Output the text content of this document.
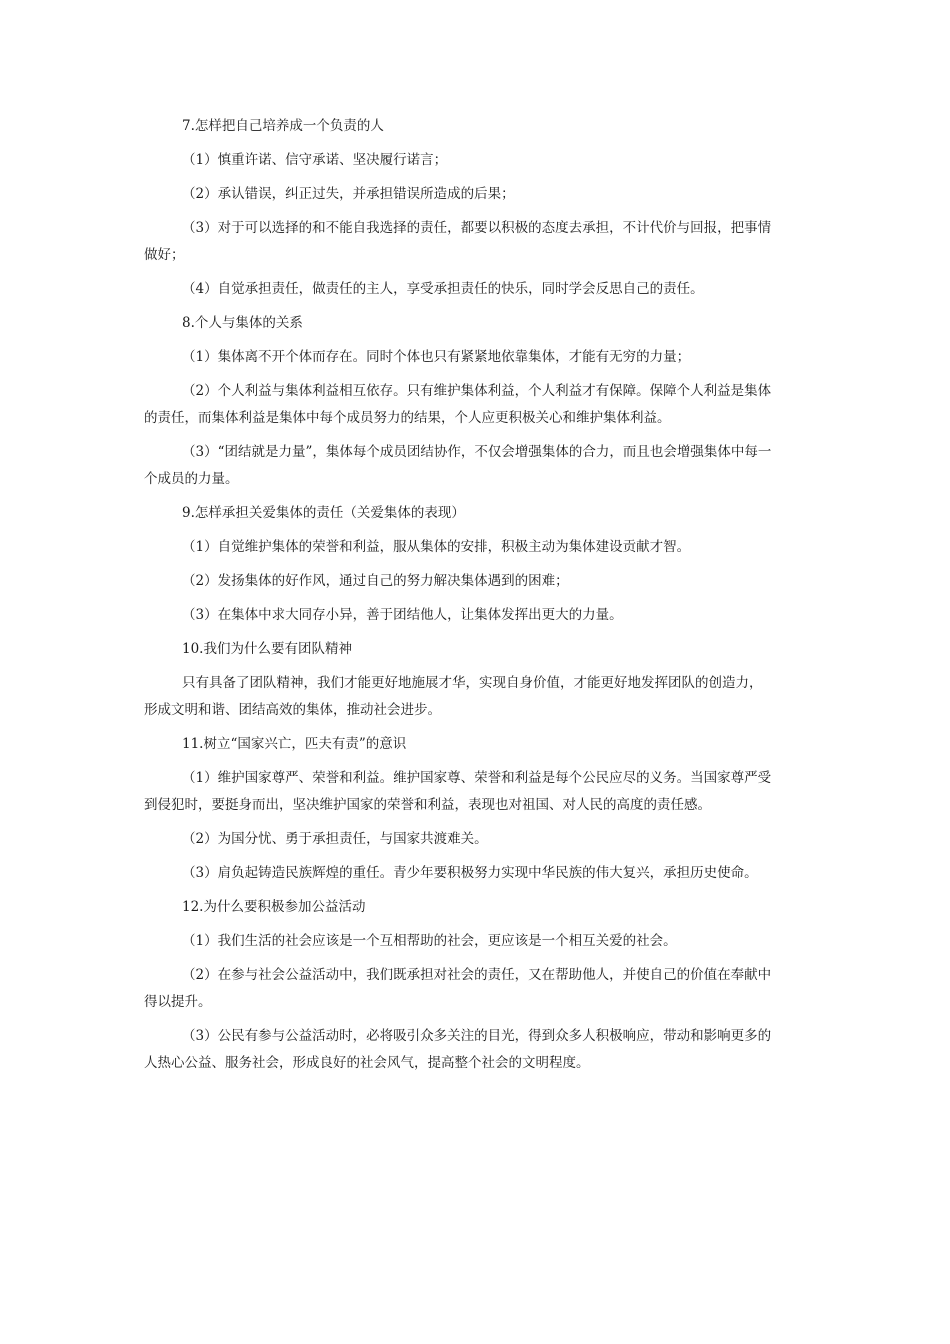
7.怎样把自己培养成一个负责的人

（1）慎重许诺、信守承诺、坚决履行诺言；

（2）承认错误，纠正过失，并承担错误所造成的后果；

（3）对于可以选择的和不能自我选择的责任，都要以积极的态度去承担，不计代价与回报，把事情

做好；

（4）自觉承担责任，做责任的主人，享受承担责任的快乐，同时学会反思自己的责任。

8.个人与集体的关系

（1）集体离不开个体而存在。同时个体也只有紧紧地依靠集体，才能有无穷的力量；

（2）个人利益与集体利益相互依存。只有维护集体利益，个人利益才有保障。保障个人利益是集体

的责任，而集体利益是集体中每个成员努力的结果，个人应更积极关心和维护集体利益。

（3）“团结就是力量”，集体每个成员团结协作，不仅会增强集体的合力，而且也会增强集体中每一

个成员的力量。

9.怎样承担关爱集体的责任（关爱集体的表现）

（1）自觉维护集体的荣誉和利益，服从集体的安排，积极主动为集体建设贡献才智。

（2）发扬集体的好作风，通过自己的努力解决集体遇到的困难；

（3）在集体中求大同存小异，善于团结他人，让集体发挥出更大的力量。

10.我们为什么要有团队精神

只有具备了团队精神，我们才能更好地施展才华，实现自身价值，才能更好地发挥团队的创造力，

形成文明和谐、团结高效的集体，推动社会进步。

11.树立“国家兴亡，匹夫有责”的意识

（1）维护国家尊严、荣誉和利益。维护国家尊、荣誉和利益是每个公民应尽的义务。当国家尊严受

到侵犯时，要挺身而出，坚决维护国家的荣誉和利益，表现也对祖国、对人民的高度的责任感。

（2）为国分忧、勇于承担责任，与国家共渡难关。

（3）肩负起铸造民族辉煌的重任。青少年要积极努力实现中华民族的伟大复兴，承担历史使命。

12.为什么要积极参加公益活动

（1）我们生活的社会应该是一个互相帮助的社会，更应该是一个相互关爱的社会。

（2）在参与社会公益活动中，我们既承担对社会的责任，又在帮助他人，并使自己的价值在奉献中

得以提升。

（3）公民有参与公益活动时，必将吸引众多关注的目光，得到众多人积极响应，带动和影响更多的

人热心公益、服务社会，形成良好的社会风气，提高整个社会的文明程度。
